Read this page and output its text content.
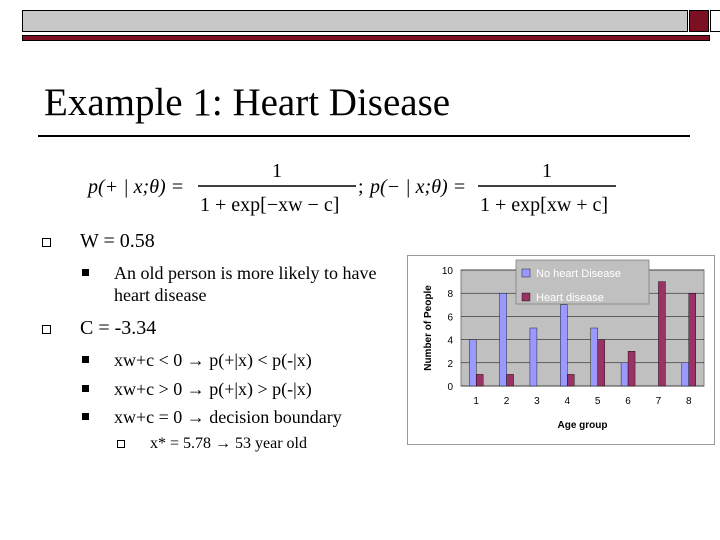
Example 1: Heart Disease
p(+ | x;θ) =
1
1 + exp[−xw − c]
; p(− | x;θ) =
1
1 + exp[xw + c]
W = 0.58
An old person is more likely to have heart disease
C = -3.34
xw+c < 0 → p(+|x) < p(-|x)
xw+c > 0 → p(+|x) > p(-|x)
xw+c = 0 → decision boundary
x* = 5.78 → 53 year old
0
2
4
6
8
10
1 2 3 4 5 6 7 8
Age group
Number of People
No heart Disease
Heart disease
